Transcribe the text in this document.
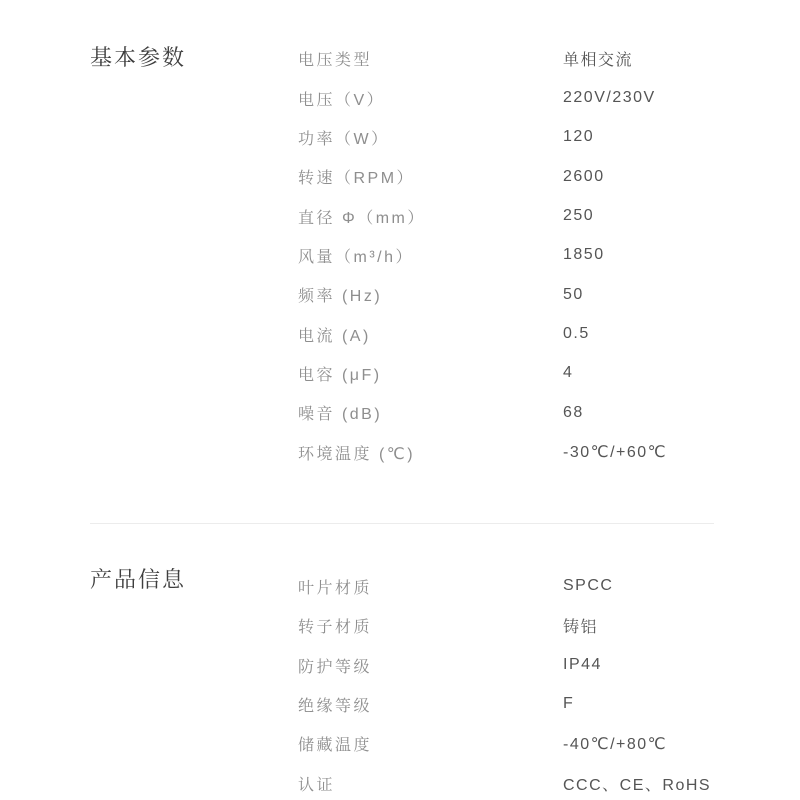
基本参数	电压类型	单相交流
电压（V）	220V/230V
功率（W）	120
转速（RPM）	2600
直径 Φ（mm）	250
风量（m³/h）	1850
频率 (Hz)	50
电流 (A)	0.5
电容 (μF)	4
噪音 (dB)	68
环境温度 (℃)	-30℃/+60℃
产品信息	叶片材质	SPCC
转子材质	铸铝
防护等级	IP44
绝缘等级	F
储藏温度	-40℃/+80℃
认证	CCC、CE、RoHS
